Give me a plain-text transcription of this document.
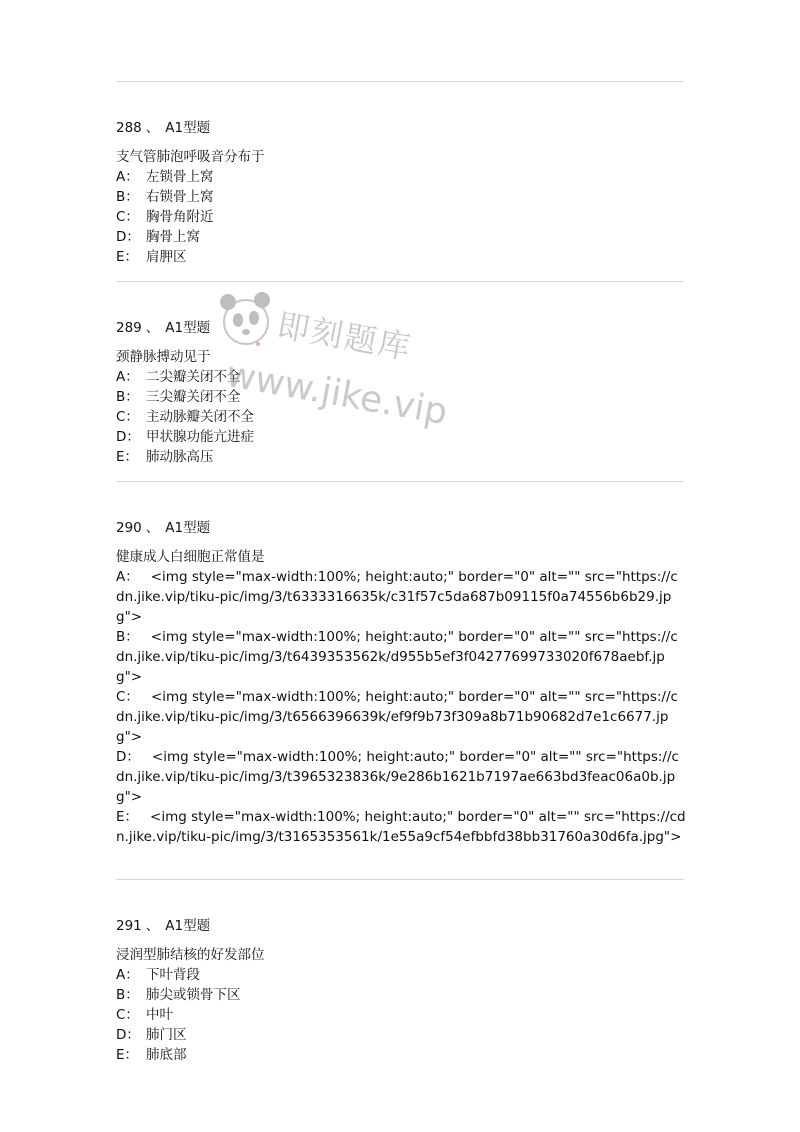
288 、 A1型题

支气管肺泡呼吸音分布于

A： 左锁骨上窝

B： 右锁骨上窝

C： 胸骨角附近

D： 胸骨上窝

E： 肩胛区

289 、 A1型题

颈静脉搏动见于

A： 二尖瓣关闭不全

B： 三尖瓣关闭不全

C： 主动脉瓣关闭不全

D： 甲状腺功能亢进症

E： 肺动脉高压

290 、 A1型题

健康成人白细胞正常值是

A： <img style="max-width:100%; height:auto;" border="0" alt="" src="https://cdn.jike.vip/tiku-pic/img/3/t6333316635k/c31f57c5da687b09115f0a74556b6b29.jpg">

B： <img style="max-width:100%; height:auto;" border="0" alt="" src="https://cdn.jike.vip/tiku-pic/img/3/t6439353562k/d955b5ef3f04277699733020f678aebf.jpg">

C： <img style="max-width:100%; height:auto;" border="0" alt="" src="https://cdn.jike.vip/tiku-pic/img/3/t6566396639k/ef9f9b73f309a8b71b90682d7e1c6677.jpg">

D： <img style="max-width:100%; height:auto;" border="0" alt="" src="https://cdn.jike.vip/tiku-pic/img/3/t3965323836k/9e286b1621b7197ae663bd3feac06a0b.jpg">

E： <img style="max-width:100%; height:auto;" border="0" alt="" src="https://cdn.jike.vip/tiku-pic/img/3/t3165353561k/1e55a9cf54efbbfd38bb31760a30d6fa.jpg">

291 、 A1型题

浸润型肺结核的好发部位

A： 下叶背段

B： 肺尖或锁骨下区

C： 中叶

D： 肺门区

E： 肺底部

即刻题库
www.jike.vip
